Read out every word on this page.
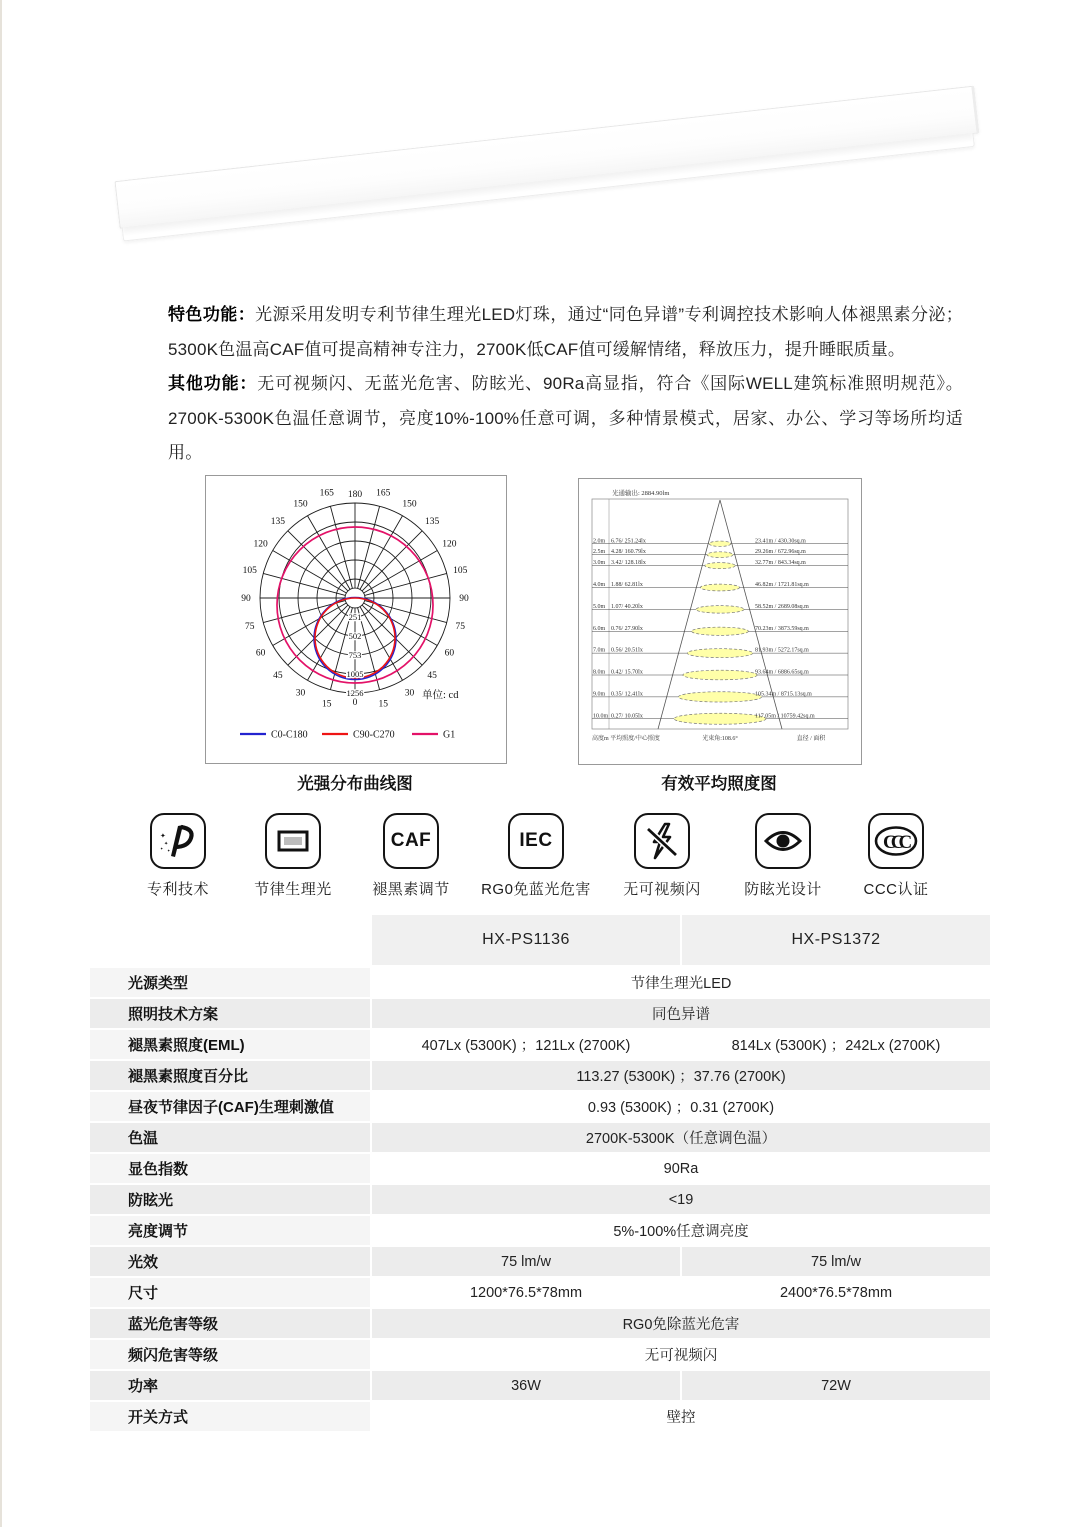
特色功能：光源采用发明专利节律生理光LED灯珠，通过“同色异谱”专利调控技术影响人体褪黑素分泌；5300K色温高CAF值可提高精神专注力，2700K低CAF值可缓解情绪，释放压力，提升睡眠质量。

其他功能：无可视频闪、无蓝光危害、防眩光、90Ra高显指，符合《国际WELL建筑标准照明规范》。2700K-5300K色温任意调节，亮度10%-100%任意可调，多种情景模式，居家、办公、学习等场所均适用。

0 15
15
30
30
45
45
60
60
75
75
90
90
105
105
120
120
135
135
150
150
165
165 180
251
502
753
1005
1256	单位: cd
C0-C180	C90-C270	G1
光通输出: 2884.90lm
2.0m 6.76/ 251.24lx	23.41m / 430.30sq.m
2.5m 4.28/ 160.79lx	29.26m / 672.96sq.m
3.0m 3.42/ 128.18lx	32.77m / 843.34sq.m
4.0m 1.88/ 62.81lx	46.82m / 1721.81sq.m
5.0m 1.07/ 40.20lx	58.52m / 2689.08sq.m
6.0m 0.76/ 27.90lx	70.23m / 3873.59sq.m
7.0m 0.56/ 20.51lx	81.93m / 5272.17sq.m
8.0m 0.42/ 15.70lx	93.64m / 6886.65sq.m
9.0m 0.35/ 12.41lx	105.34m / 8715.13sq.m
10.0m 0.27/ 10.05lx	117.05m / 10759.42sq.m
高度m 平均照度/中心照度	光束角:108.6°	直径 / 面积
光强分布曲线图	有效平均照度图
✦
✦
✦ ✦
专利技术	节律生理光
CAF
褪黑素调节
IEC
RG0免蓝光危害	无可视频闪	防眩光设计
CCC
CCC认证
HX-PS1136	HX-PS1372
光源类型	节律生理光LED
照明技术方案	同色异谱
褪黑素照度(EML)	407Lx (5300K) ；121Lx (2700K)	814Lx (5300K) ；242Lx (2700K)
褪黑素照度百分比	113.27 (5300K) ；37.76 (2700K)
昼夜节律因子(CAF)生理刺激值	0.93 (5300K) ；0.31 (2700K)
色温	2700K-5300K（任意调色温）
显色指数	90Ra
防眩光	<19
亮度调节	5%-100%任意调亮度
光效	75 lm/w	75 lm/w
尺寸	1200*76.5*78mm	2400*76.5*78mm
蓝光危害等级	RG0免除蓝光危害
频闪危害等级	无可视频闪
功率	36W	72W
开关方式	壁控
